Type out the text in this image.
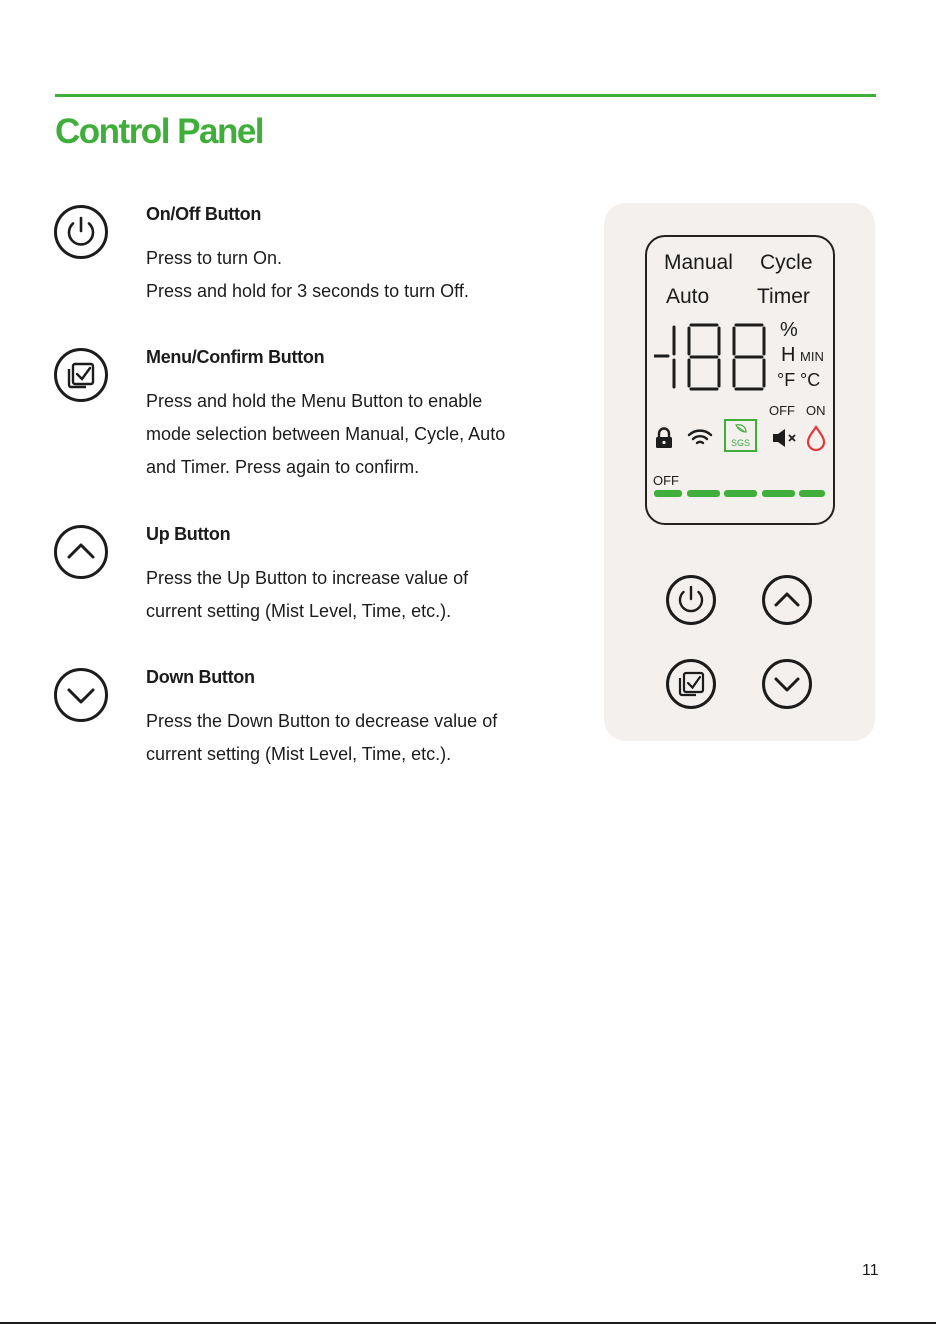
Control Panel
On/Off Button
Press to turn On.
Press and hold for 3 seconds to turn Off.
Menu/Confirm Button
Press and hold the Menu Button to enable
mode selection between Manual, Cycle, Auto
and Timer. Press again to confirm.
Up Button
Press the Up Button to increase value of
current setting (Mist Level, Time, etc.).
Down Button
Press the Down Button to decrease value of
current setting (Mist Level, Time, etc.).
Manual Cycle
Auto Timer
%
H MIN
°F °C
OFF ON
SGS
OFF
11
